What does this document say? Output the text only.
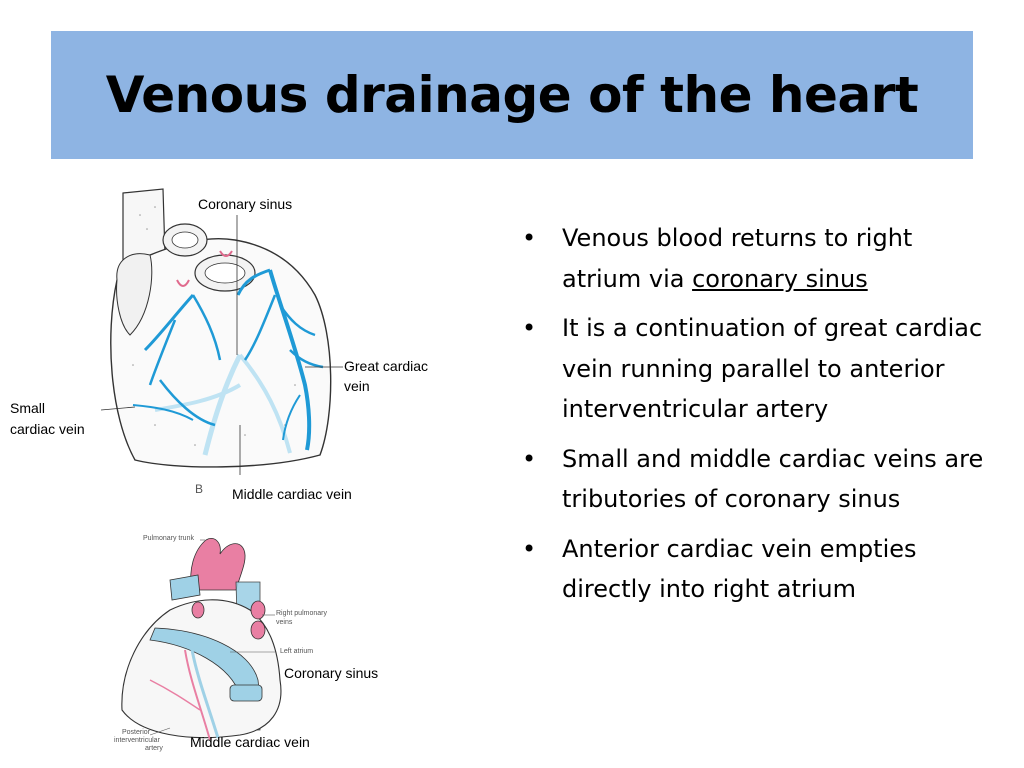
Venous drainage of the heart
Coronary sinus
Great cardiac
vein
Small
cardiac vein
Middle cardiac vein
B
Pulmonary trunk
Right pulmonary
veins
Left atrium
Coronary sinus
Posterior
interventricular
artery Middle cardiac vein
• Venous blood returns to right atrium via coronary sinus
• It is a continuation of great cardiac vein running parallel to anterior interventricular artery
• Small and middle cardiac veins are tributories of coronary sinus
• Anterior cardiac vein empties directly into right atrium
